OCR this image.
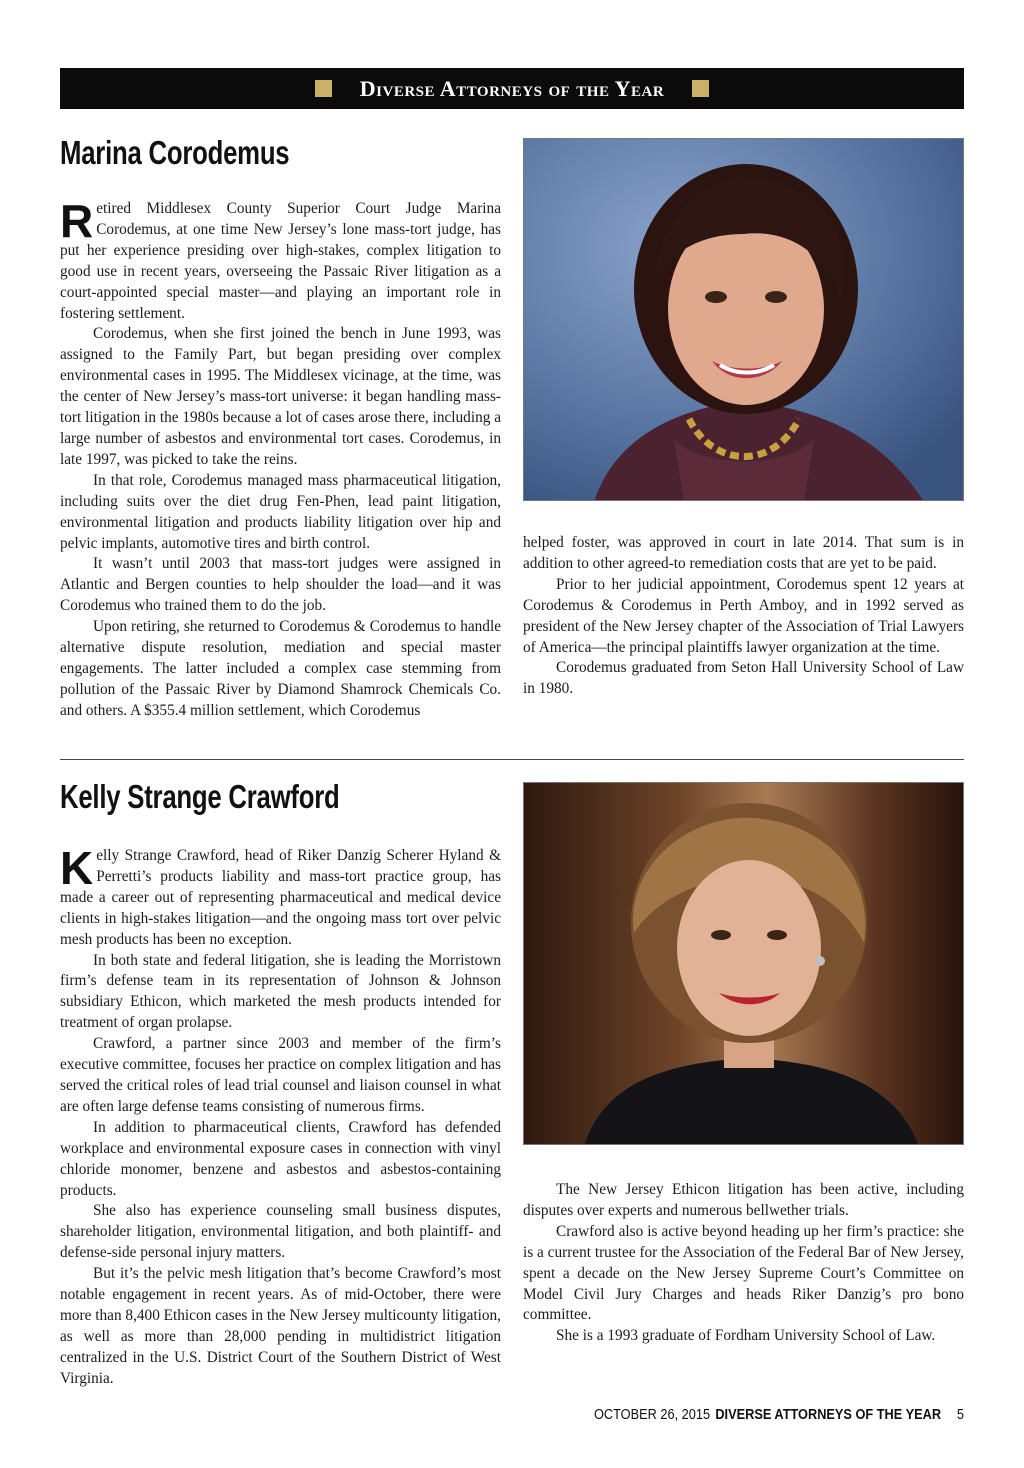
Diverse Attorneys of the Year
Marina Corodemus

Retired Middlesex County Superior Court Judge Marina Corodemus, at one time New Jersey’s lone mass-tort judge, has put her experience presiding over high-stakes, complex litigation to good use in recent years, overseeing the Passaic River litigation as a court-appointed special master—and playing an important role in fostering settlement.

Corodemus, when she first joined the bench in June 1993, was assigned to the Family Part, but began presiding over complex environmental cases in 1995. The Middlesex vicinage, at the time, was the center of New Jersey’s mass-tort universe: it began handling mass-tort litigation in the 1980s because a lot of cases arose there, including a large number of asbestos and environmental tort cases. Corodemus, in late 1997, was picked to take the reins.

In that role, Corodemus managed mass pharmaceutical litigation, including suits over the diet drug Fen-Phen, lead paint litigation, environmental litigation and products liability litigation over hip and pelvic implants, automotive tires and birth control.

It wasn’t until 2003 that mass-tort judges were assigned in Atlantic and Bergen counties to help shoulder the load—and it was Corodemus who trained them to do the job.

Upon retiring, she returned to Corodemus & Corodemus to handle alternative dispute resolution, mediation and special master engagements. The latter included a complex case stemming from pollution of the Passaic River by Diamond Shamrock Chemicals Co. and others. A $355.4 million settlement, which Corodemus

helped foster, was approved in court in late 2014. That sum is in addition to other agreed-to remediation costs that are yet to be paid.

Prior to her judicial appointment, Corodemus spent 12 years at Corodemus & Corodemus in Perth Amboy, and in 1992 served as president of the New Jersey chapter of the Association of Trial Lawyers of America—the principal plaintiffs lawyer organization at the time.

Corodemus graduated from Seton Hall University School of Law in 1980.

Kelly Strange Crawford

Kelly Strange Crawford, head of Riker Danzig Scherer Hyland & Perretti’s products liability and mass-tort practice group, has made a career out of representing pharmaceutical and medical device clients in high-stakes litigation—and the ongoing mass tort over pelvic mesh products has been no exception.

In both state and federal litigation, she is leading the Morristown firm’s defense team in its representation of Johnson & Johnson subsidiary Ethicon, which marketed the mesh products intended for treatment of organ prolapse.

Crawford, a partner since 2003 and member of the firm’s executive committee, focuses her practice on complex litigation and has served the critical roles of lead trial counsel and liaison counsel in what are often large defense teams consisting of numerous firms.

In addition to pharmaceutical clients, Crawford has defended workplace and environmental exposure cases in connection with vinyl chloride monomer, benzene and asbestos and asbestos-containing products.

She also has experience counseling small business disputes, shareholder litigation, environmental litigation, and both plaintiff- and defense-side personal injury matters.

But it’s the pelvic mesh litigation that’s become Crawford’s most notable engagement in recent years. As of mid-October, there were more than 8,400 Ethicon cases in the New Jersey multicounty litigation, as well as more than 28,000 pending in multidistrict litigation centralized in the U.S. District Court of the Southern District of West Virginia.

The New Jersey Ethicon litigation has been active, including disputes over experts and numerous bellwether trials.

Crawford also is active beyond heading up her firm’s practice: she is a current trustee for the Association of the Federal Bar of New Jersey, spent a decade on the New Jersey Supreme Court’s Committee on Model Civil Jury Charges and heads Riker Danzig’s pro bono committee.

She is a 1993 graduate of Fordham University School of Law.

OCTOBER 26, 2015 DIVERSE ATTORNEYS OF THE YEAR 5
